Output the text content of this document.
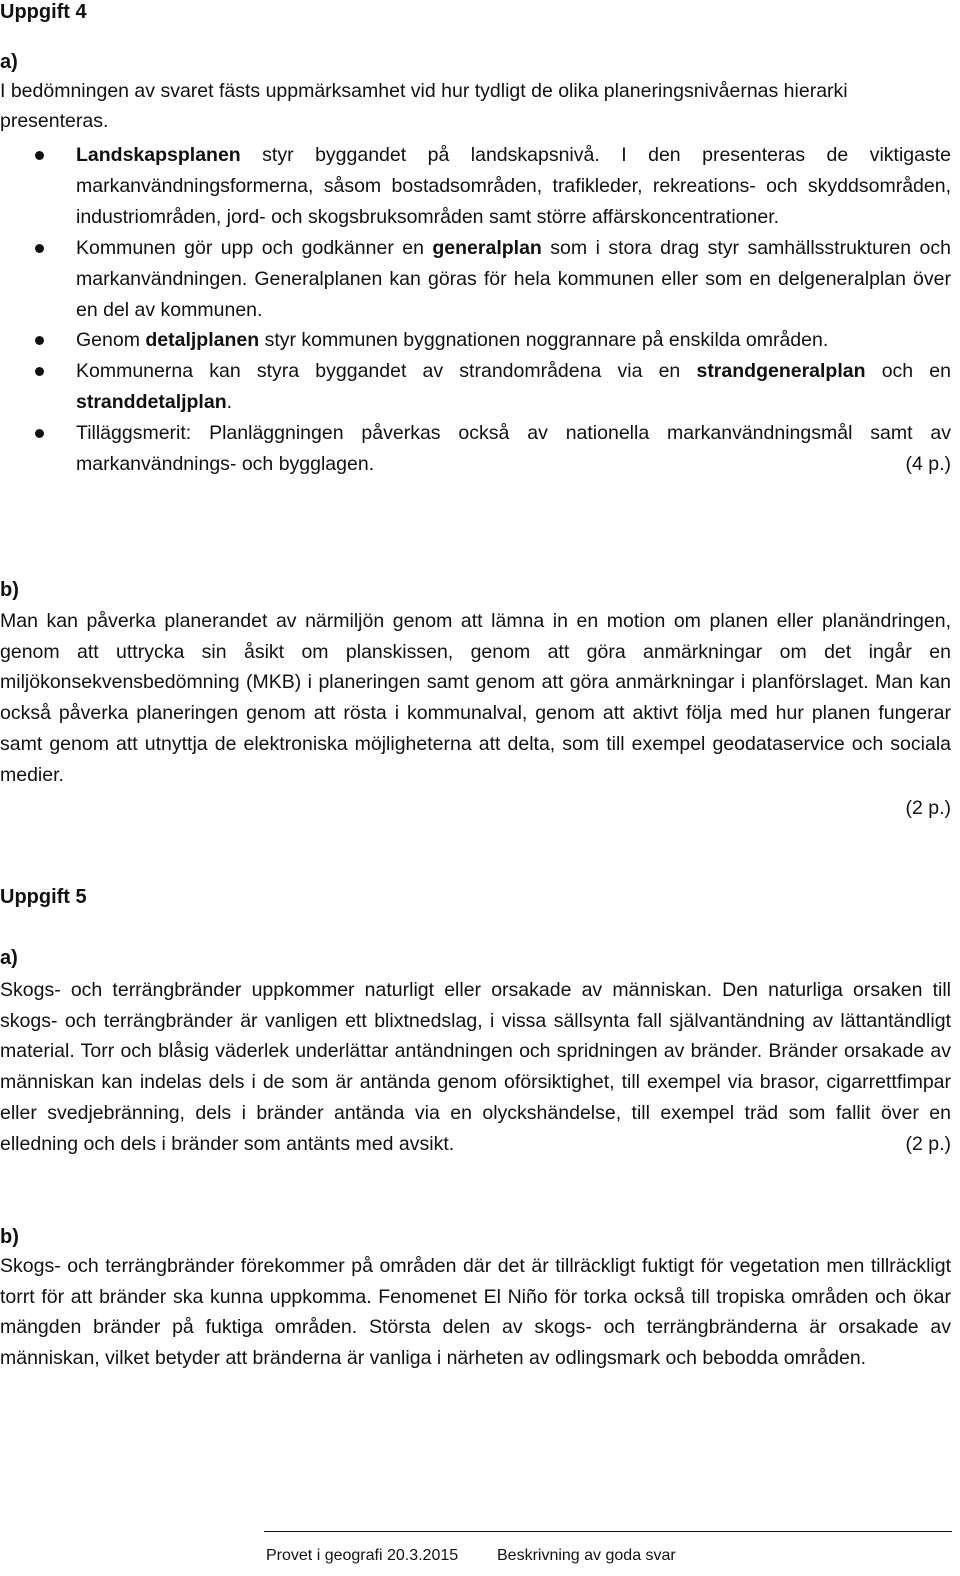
Uppgift 4
a)

I bedömningen av svaret fästs uppmärksamhet vid hur tydligt de olika planeringsnivåernas hierarki presenteras.

Landskapsplanen styr byggandet på landskapsnivå. I den presenteras de viktigaste markanvändningsformerna, såsom bostadsområden, trafikleder, rekreations- och skyddsområden, industriområden, jord- och skogsbruksområden samt större affärskoncentrationer.
Kommunen gör upp och godkänner en generalplan som i stora drag styr samhällsstrukturen och markanvändningen. Generalplanen kan göras för hela kommunen eller som en delgeneralplan över en del av kommunen.
Genom detaljplanen styr kommunen byggnationen noggrannare på enskilda områden.
Kommunerna kan styra byggandet av strandområdena via en strandgeneralplan och en stranddetaljplan.
Tilläggsmerit: Planläggningen påverkas också av nationella markanvändningsmål samt av markanvändnings- och bygglagen.	(4 p.)
b)

Man kan påverka planerandet av närmiljön genom att lämna in en motion om planen eller planändringen, genom att uttrycka sin åsikt om planskissen, genom att göra anmärkningar om det ingår en miljökonsekvensbedömning (MKB) i planeringen samt genom att göra anmärkningar i planförslaget. Man kan också påverka planeringen genom att rösta i kommunalval, genom att aktivt följa med hur planen fungerar samt genom att utnyttja de elektroniska möjligheterna att delta, som till exempel geodataservice och sociala medier.

(2 p.)
Uppgift 5
a)

Skogs- och terrängbränder uppkommer naturligt eller orsakade av människan. Den naturliga orsaken till skogs- och terrängbränder är vanligen ett blixtnedslag, i vissa sällsynta fall självantändning av lättantändligt material. Torr och blåsig väderlek underlättar antändningen och spridningen av bränder. Bränder orsakade av människan kan indelas dels i de som är antända genom oförsiktighet, till exempel via brasor, cigarrettfimpar eller svedjebränning, dels i bränder antända via en olyckshändelse, till exempel träd som fallit över en elledning och dels i bränder som antänts med avsikt.	(2 p.)

b)

Skogs- och terrängbränder förekommer på områden där det är tillräckligt fuktigt för vegetation men tillräckligt torrt för att bränder ska kunna uppkomma. Fenomenet El Niño för torka också till tropiska områden och ökar mängden bränder på fuktiga områden. Största delen av skogs- och terrängbränderna är orsakade av människan, vilket betyder att bränderna är vanliga i närheten av odlingsmark och bebodda områden.

Provet i geografi 20.3.2015 Beskrivning av goda svar
